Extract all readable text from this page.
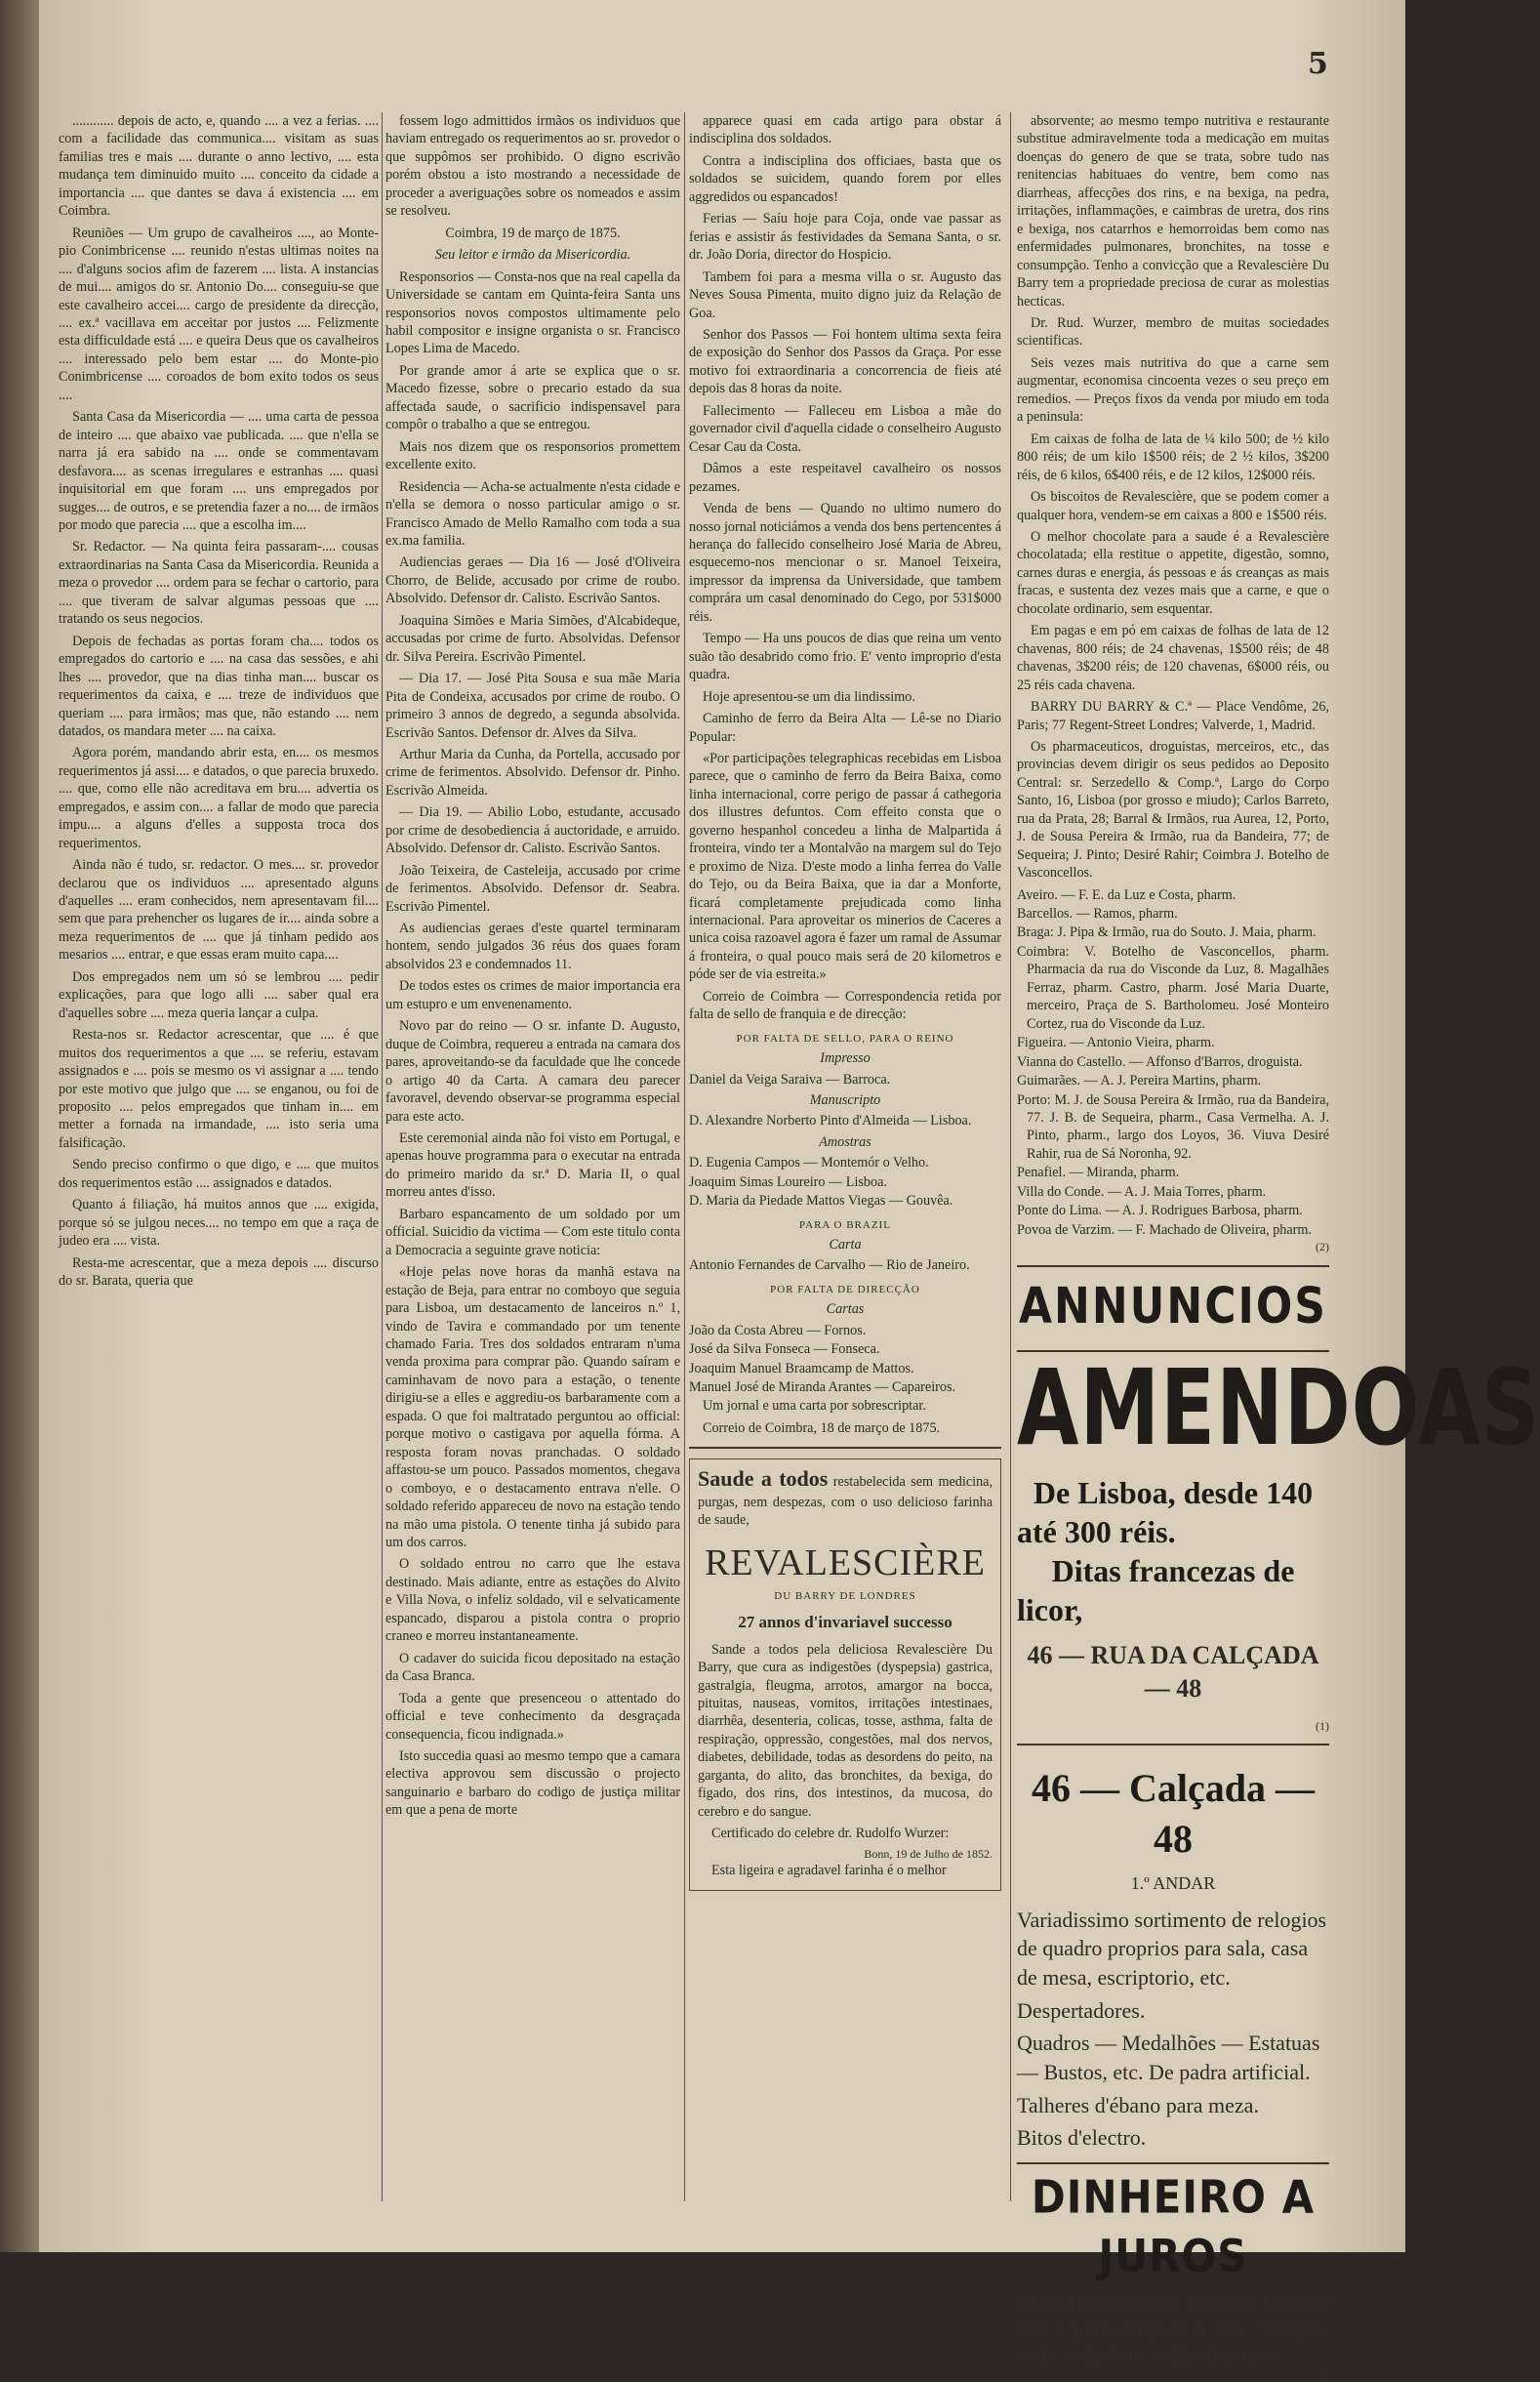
5

............ depois de acto, e, quando .... a vez a ferias. .... com a facilidade das communica.... visitam as suas familias tres e mais .... durante o anno lectivo, .... esta mudança tem diminuido muito .... conceito da cidade a importancia .... que dantes se dava á existencia .... em Coimbra.

Reuniões — Um grupo de cavalheiros ...., ao Monte-pio Conimbricense .... reunido n'estas ultimas noites na .... d'alguns socios afim de fazerem .... lista. A instancias de mui.... amigos do sr. Antonio Do.... conseguiu-se que este cavalheiro accei.... cargo de presidente da direcção, .... ex.ª vacillava em acceitar por justos .... Felizmente esta difficuldade está .... e queira Deus que os cavalheiros .... interessado pelo bem estar .... do Monte-pio Conimbricense .... coroados de bom exito todos os seus ....

Santa Casa da Misericordia — .... uma carta de pessoa de inteiro .... que abaixo vae publicada. .... que n'ella se narra já era sabido na .... onde se commentavam desfavora.... as scenas irregulares e estranhas .... quasi inquisitorial em que foram .... uns empregados por sugges.... de outros, e se pretendia fazer a no.... de irmãos por modo que parecia .... que a escolha im....

Sr. Redactor. — Na quinta feira passaram-.... cousas extraordinarias na Santa Casa da Misericordia. Reunida a meza o provedor .... ordem para se fechar o cartorio, para .... que tiveram de salvar algumas pessoas que .... tratando os seus negocios.

Depois de fechadas as portas foram cha.... todos os empregados do cartorio e .... na casa das sessões, e ahi lhes .... provedor, que na dias tinha man.... buscar os requerimentos da caixa, e .... treze de individuos que queriam .... para irmãos; mas que, não estando .... nem datados, os mandara meter .... na caixa.

Agora porém, mandando abrir esta, en.... os mesmos requerimentos já assi.... e datados, o que parecia bruxedo. .... que, como elle não acreditava em bru.... advertia os empregados, e assim con.... a fallar de modo que parecia impu.... a alguns d'elles a supposta troca dos requerimentos.

Ainda não é tudo, sr. redactor. O mes.... sr. provedor declarou que os individuos .... apresentado alguns d'aquelles .... eram conhecidos, nem apresentavam fil.... sem que para prehencher os lugares de ir.... ainda sobre a meza requerimentos de .... que já tinham pedido aos mesarios .... entrar, e que essas eram muito capa....

Dos empregados nem um só se lembrou .... pedir explicações, para que logo alli .... saber qual era d'aquelles sobre .... meza queria lançar a culpa.

Resta-nos sr. Redactor acrescentar, que .... é que muitos dos requerimentos a que .... se referiu, estavam assignados e .... pois se mesmo os vi assignar a .... tendo por este motivo que julgo que .... se enganou, ou foi de proposito .... pelos empregados que tinham in.... em metter a fornada na irmandade, .... isto seria uma falsificação.

Sendo preciso confirmo o que digo, e .... que muitos dos requerimentos estão .... assignados e datados.

Quanto á filiação, há muitos annos que .... exigida, porque só se julgou neces.... no tempo em que a raça de judeo era .... vista.

Resta-me acrescentar, que a meza depois .... discurso do sr. Barata, queria que

fossem logo admittidos irmãos os individuos que haviam entregado os requerimentos ao sr. provedor o que suppômos ser prohibido. O digno escrivão porém obstou a isto mostrando a necessidade de proceder a averiguações sobre os nomeados e assim se resolveu.

Coimbra, 19 de março de 1875.
Seu leitor e irmão da Misericordia.

Responsorios — Consta-nos que na real capella da Universidade se cantam em Quinta-feira Santa uns responsorios novos compostos ultimamente pelo habil compositor e insigne organista o sr. Francisco Lopes Lima de Macedo.

Por grande amor á arte se explica que o sr. Macedo fizesse, sobre o precario estado da sua affectada saude, o sacrificio indispensavel para compôr o trabalho a que se entregou.

Mais nos dizem que os responsorios promettem excellente exito.

Residencia — Acha-se actualmente n'esta cidade e n'ella se demora o nosso particular amigo o sr. Francisco Amado de Mello Ramalho com toda a sua ex.ma familia.

Audiencias geraes — Dia 16 — José d'Oliveira Chorro, de Belide, accusado por crime de roubo. Absolvido. Defensor dr. Calisto. Escrivão Santos.

Joaquina Simões e Maria Simões, d'Alcabideque, accusadas por crime de furto. Absolvidas. Defensor dr. Silva Pereira. Escrivão Pimentel.

— Dia 17. — José Pita Sousa e sua mãe Maria Pita de Condeixa, accusados por crime de roubo. O primeiro 3 annos de degredo, a segunda absolvida. Escrivão Santos. Defensor dr. Alves da Silva.

Arthur Maria da Cunha, da Portella, accusado por crime de ferimentos. Absolvido. Defensor dr. Pinho. Escrivão Almeida.

— Dia 19. — Abilio Lobo, estudante, accusado por crime de desobediencia á auctoridade, e arruido. Absolvido. Defensor dr. Calisto. Escrivão Santos.

João Teixeira, de Casteleija, accusado por crime de ferimentos. Absolvido. Defensor dr. Seabra. Escrivão Pimentel.

As audiencias geraes d'este quartel terminaram hontem, sendo julgados 36 réus dos quaes foram absolvidos 23 e condemnados 11.

De todos estes os crimes de maior importancia era um estupro e um envenenamento.

Novo par do reino — O sr. infante D. Augusto, duque de Coimbra, requereu a entrada na camara dos pares, aproveitando-se da faculdade que lhe concede o artigo 40 da Carta. A camara deu parecer favoravel, devendo observar-se programma especial para este acto.

Este ceremonial ainda não foi visto em Portugal, e apenas houve programma para o executar na entrada do primeiro marido da sr.ª D. Maria II, o qual morreu antes d'isso.

Barbaro espancamento de um soldado por um official. Suicidio da victima — Com este titulo conta a Democracia a seguinte grave noticia:

«Hoje pelas nove horas da manhã estava na estação de Beja, para entrar no comboyo que seguia para Lisboa, um destacamento de lanceiros n.º 1, vindo de Tavira e commandado por um tenente chamado Faria. Tres dos soldados entraram n'uma venda proxima para comprar pão. Quando saíram e caminhavam de novo para a estação, o tenente dirigiu-se a elles e aggrediu-os barbaramente com a espada. O que foi maltratado perguntou ao official: porque motivo o castigava por aquella fórma. A resposta foram novas pranchadas. O soldado affastou-se um pouco. Passados momentos, chegava o comboyo, e o destacamento entrava n'elle. O soldado referido appareceu de novo na estação tendo na mão uma pistola. O tenente tinha já subido para um dos carros.

O soldado entrou no carro que lhe estava destinado. Mais adiante, entre as estações do Alvito e Villa Nova, o infeliz soldado, vil e selvaticamente espancado, disparou a pistola contra o proprio craneo e morreu instantaneamente.

O cadaver do suicida ficou depositado na estação da Casa Branca.

Toda a gente que presenceou o attentado do official e teve conhecimento da desgraçada consequencia, ficou indignada.»

Isto succedia quasi ao mesmo tempo que a camara electiva approvou sem discussão o projecto sanguinario e barbaro do codigo de justiça militar em que a pena de morte

apparece quasi em cada artigo para obstar á indisciplina dos soldados.

Contra a indisciplina dos officiaes, basta que os soldados se suicidem, quando forem por elles aggredidos ou espancados!

Ferias — Saíu hoje para Coja, onde vae passar as ferias e assistir ás festividades da Semana Santa, o sr. dr. João Doria, director do Hospicio.

Tambem foi para a mesma villa o sr. Augusto das Neves Sousa Pimenta, muito digno juiz da Relação de Goa.

Senhor dos Passos — Foi hontem ultima sexta feira de exposição do Senhor dos Passos da Graça. Por esse motivo foi extraordinaria a concorrencia de fieis até depois das 8 horas da noite.

Fallecimento — Falleceu em Lisboa a mãe do governador civil d'aquella cidade o conselheiro Augusto Cesar Cau da Costa.

Dâmos a este respeitavel cavalheiro os nossos pezames.

Venda de bens — Quando no ultimo numero do nosso jornal noticiámos a venda dos bens pertencentes á herança do fallecido conselheiro José Maria de Abreu, esquecemo-nos mencionar o sr. Manoel Teixeira, impressor da imprensa da Universidade, que tambem comprára um casal denominado do Cego, por 531$000 réis.

Tempo — Ha uns poucos de dias que reina um vento suão tão desabrido como frio. E' vento improprio d'esta quadra.

Hoje apresentou-se um dia lindissimo.

Caminho de ferro da Beira Alta — Lê-se no Diario Popular:

«Por participações telegraphicas recebidas em Lisboa parece, que o caminho de ferro da Beira Baixa, como linha internacional, corre perigo de passar á cathegoria dos illustres defuntos. Com effeito consta que o governo hespanhol concedeu a linha de Malpartida á fronteira, vindo ter a Montalvão na margem sul do Tejo e proximo de Niza. D'este modo a linha ferrea do Valle do Tejo, ou da Beira Baixa, que ia dar a Monforte, ficará completamente prejudicada como linha internacional. Para aproveitar os minerios de Caceres a unica coisa razoavel agora é fazer um ramal de Assumar á fronteira, o qual pouco mais será de 20 kilometros e póde ser de via estreita.»

Correio de Coimbra — Correspondencia retida por falta de sello de franquia e de direcção:

POR FALTA DE SELLO, PARA O REINO
Impresso
Daniel da Veiga Saraiva — Barroca.
Manuscripto
D. Alexandre Norberto Pinto d'Almeida — Lisboa.
Amostras
D. Eugenia Campos — Montemór o Velho.
Joaquim Simas Loureiro — Lisboa.
D. Maria da Piedade Mattos Viegas — Gouvêa.
PARA O BRAZIL
Carta
Antonio Fernandes de Carvalho — Rio de Janeiro.
POR FALTA DE DIRECÇÃO
Cartas
João da Costa Abreu — Fornos.
José da Silva Fonseca — Fonseca.
Joaquim Manuel Braamcamp de Mattos.
Manuel José de Miranda Arantes — Capareiros.

Um jornal e uma carta por sobrescriptar.

Correio de Coimbra, 18 de março de 1875.

Saude a todos restabelecida sem medicina, purgas, nem despezas, com o uso delicioso farinha de saude,

REVALESCIÈRE
DU BARRY DE LONDRES
27 annos d'invariavel successo

Sande a todos pela deliciosa Revalescière Du Barry, que cura as indigestões (dyspepsia) gastrica, gastralgia, fleugma, arrotos, amargor na bocca, pituitas, nauseas, vomitos, irritações intestinaes, diarrhêa, desenteria, colicas, tosse, asthma, falta de respiração, oppressão, congestões, mal dos nervos, diabetes, debilidade, todas as desordens do peito, na garganta, do alito, das bronchites, da bexiga, do figado, dos rins, dos intestinos, da mucosa, do cerebro e do sangue.

Certificado do celebre dr. Rudolfo Wurzer:

Bonn, 19 de Julho de 1852.

Esta ligeira e agradavel farinha é o melhor

absorvente; ao mesmo tempo nutritiva e restaurante substitue admiravelmente toda a medicação em muitas doenças do genero de que se trata, sobre tudo nas renitencias habituaes do ventre, bem como nas diarrheas, affecções dos rins, e na bexiga, na pedra, irritações, inflammações, e caimbras de uretra, dos rins e bexiga, nos catarrhos e hemorroidas bem como nas enfermidades pulmonares, bronchites, na tosse e consumpção. Tenho a convicção que a Revalescière Du Barry tem a propriedade preciosa de curar as molestias hecticas.

Dr. Rud. Wurzer, membro de muitas sociedades scientificas.

Seis vezes mais nutritiva do que a carne sem augmentar, economisa cincoenta vezes o seu preço em remedios. — Preços fixos da venda por miudo em toda a peninsula:

Em caixas de folha de lata de ¼ kilo 500; de ½ kilo 800 réis; de um kilo 1$500 réis; de 2 ½ kilos, 3$200 réis, de 6 kilos, 6$400 réis, e de 12 kilos, 12$000 réis.

Os biscoitos de Revalescière, que se podem comer a qualquer hora, vendem-se em caixas a 800 e 1$500 réis.

O melhor chocolate para a saude é a Revalescière chocolatada; ella restitue o appetite, digestão, somno, carnes duras e energia, ás pessoas e ás creanças as mais fracas, e sustenta dez vezes mais que a carne, e que o chocolate ordinario, sem esquentar.

Em pagas e em pó em caixas de folhas de lata de 12 chavenas, 800 réis; de 24 chavenas, 1$500 réis; de 48 chavenas, 3$200 réis; de 120 chavenas, 6$000 réis, ou 25 réis cada chavena.

BARRY DU BARRY & C.ª — Place Vendôme, 26, Paris; 77 Regent-Street Londres; Valverde, 1, Madrid.

Os pharmaceuticos, droguistas, merceiros, etc., das provincias devem dirigir os seus pedidos ao Deposito Central: sr. Serzedello & Comp.ª, Largo do Corpo Santo, 16, Lisboa (por grosso e miudo); Carlos Barreto, rua da Prata, 28; Barral & Irmãos, rua Aurea, 12, Porto, J. de Sousa Pereira & Irmão, rua da Bandeira, 77; de Sequeira; J. Pinto; Desiré Rahir; Coimbra J. Botelho de Vasconcellos.

Aveiro. — F. E. da Luz e Costa, pharm.
Barcellos. — Ramos, pharm.
Braga: J. Pipa & Irmão, rua do Souto. J. Maia, pharm.
Coimbra: V. Botelho de Vasconcellos, pharm. Pharmacia da rua do Visconde da Luz, 8. Magalhães Ferraz, pharm. Castro, pharm. José Maria Duarte, merceiro, Praça de S. Bartholomeu. José Monteiro Cortez, rua do Visconde da Luz.
Figueira. — Antonio Vieira, pharm.
Vianna do Castello. — Affonso d'Barros, droguista.
Guimarães. — A. J. Pereira Martins, pharm.
Porto: M. J. de Sousa Pereira & Irmão, rua da Bandeira, 77. J. B. de Sequeira, pharm., Casa Vermelha. A. J. Pinto, pharm., largo dos Loyos, 36. Viuva Desiré Rahir, rua de Sá Noronha, 92.
Penafiel. — Miranda, pharm.
Villa do Conde. — A. J. Maia Torres, pharm.
Ponte do Lima. — A. J. Rodrigues Barbosa, pharm.
Povoa de Varzim. — F. Machado de Oliveira, pharm.
(2)
ANNUNCIOS
AMENDOAS
De Lisboa, desde 140
até 300 réis.
Ditas francezas de
licor,
46 — RUA DA CALÇADA — 48
(1)
46 — Calçada — 48
1.º ANDAR

Variadissimo sortimento de relogios de quadro proprios para sala, casa de mesa, escriptorio, etc.

Despertadores.

Quadros — Medalhões — Estatuas — Bustos, etc. De padra artificial.

Talheres d'ébano para meza.

Bitos d'electro.

DINHEIRO A JUROS
QUEM quizer tomar conta de 120$000 réis a juros dirija-se a esta redacção, onde se darão os esclarecimentos.
(2)
